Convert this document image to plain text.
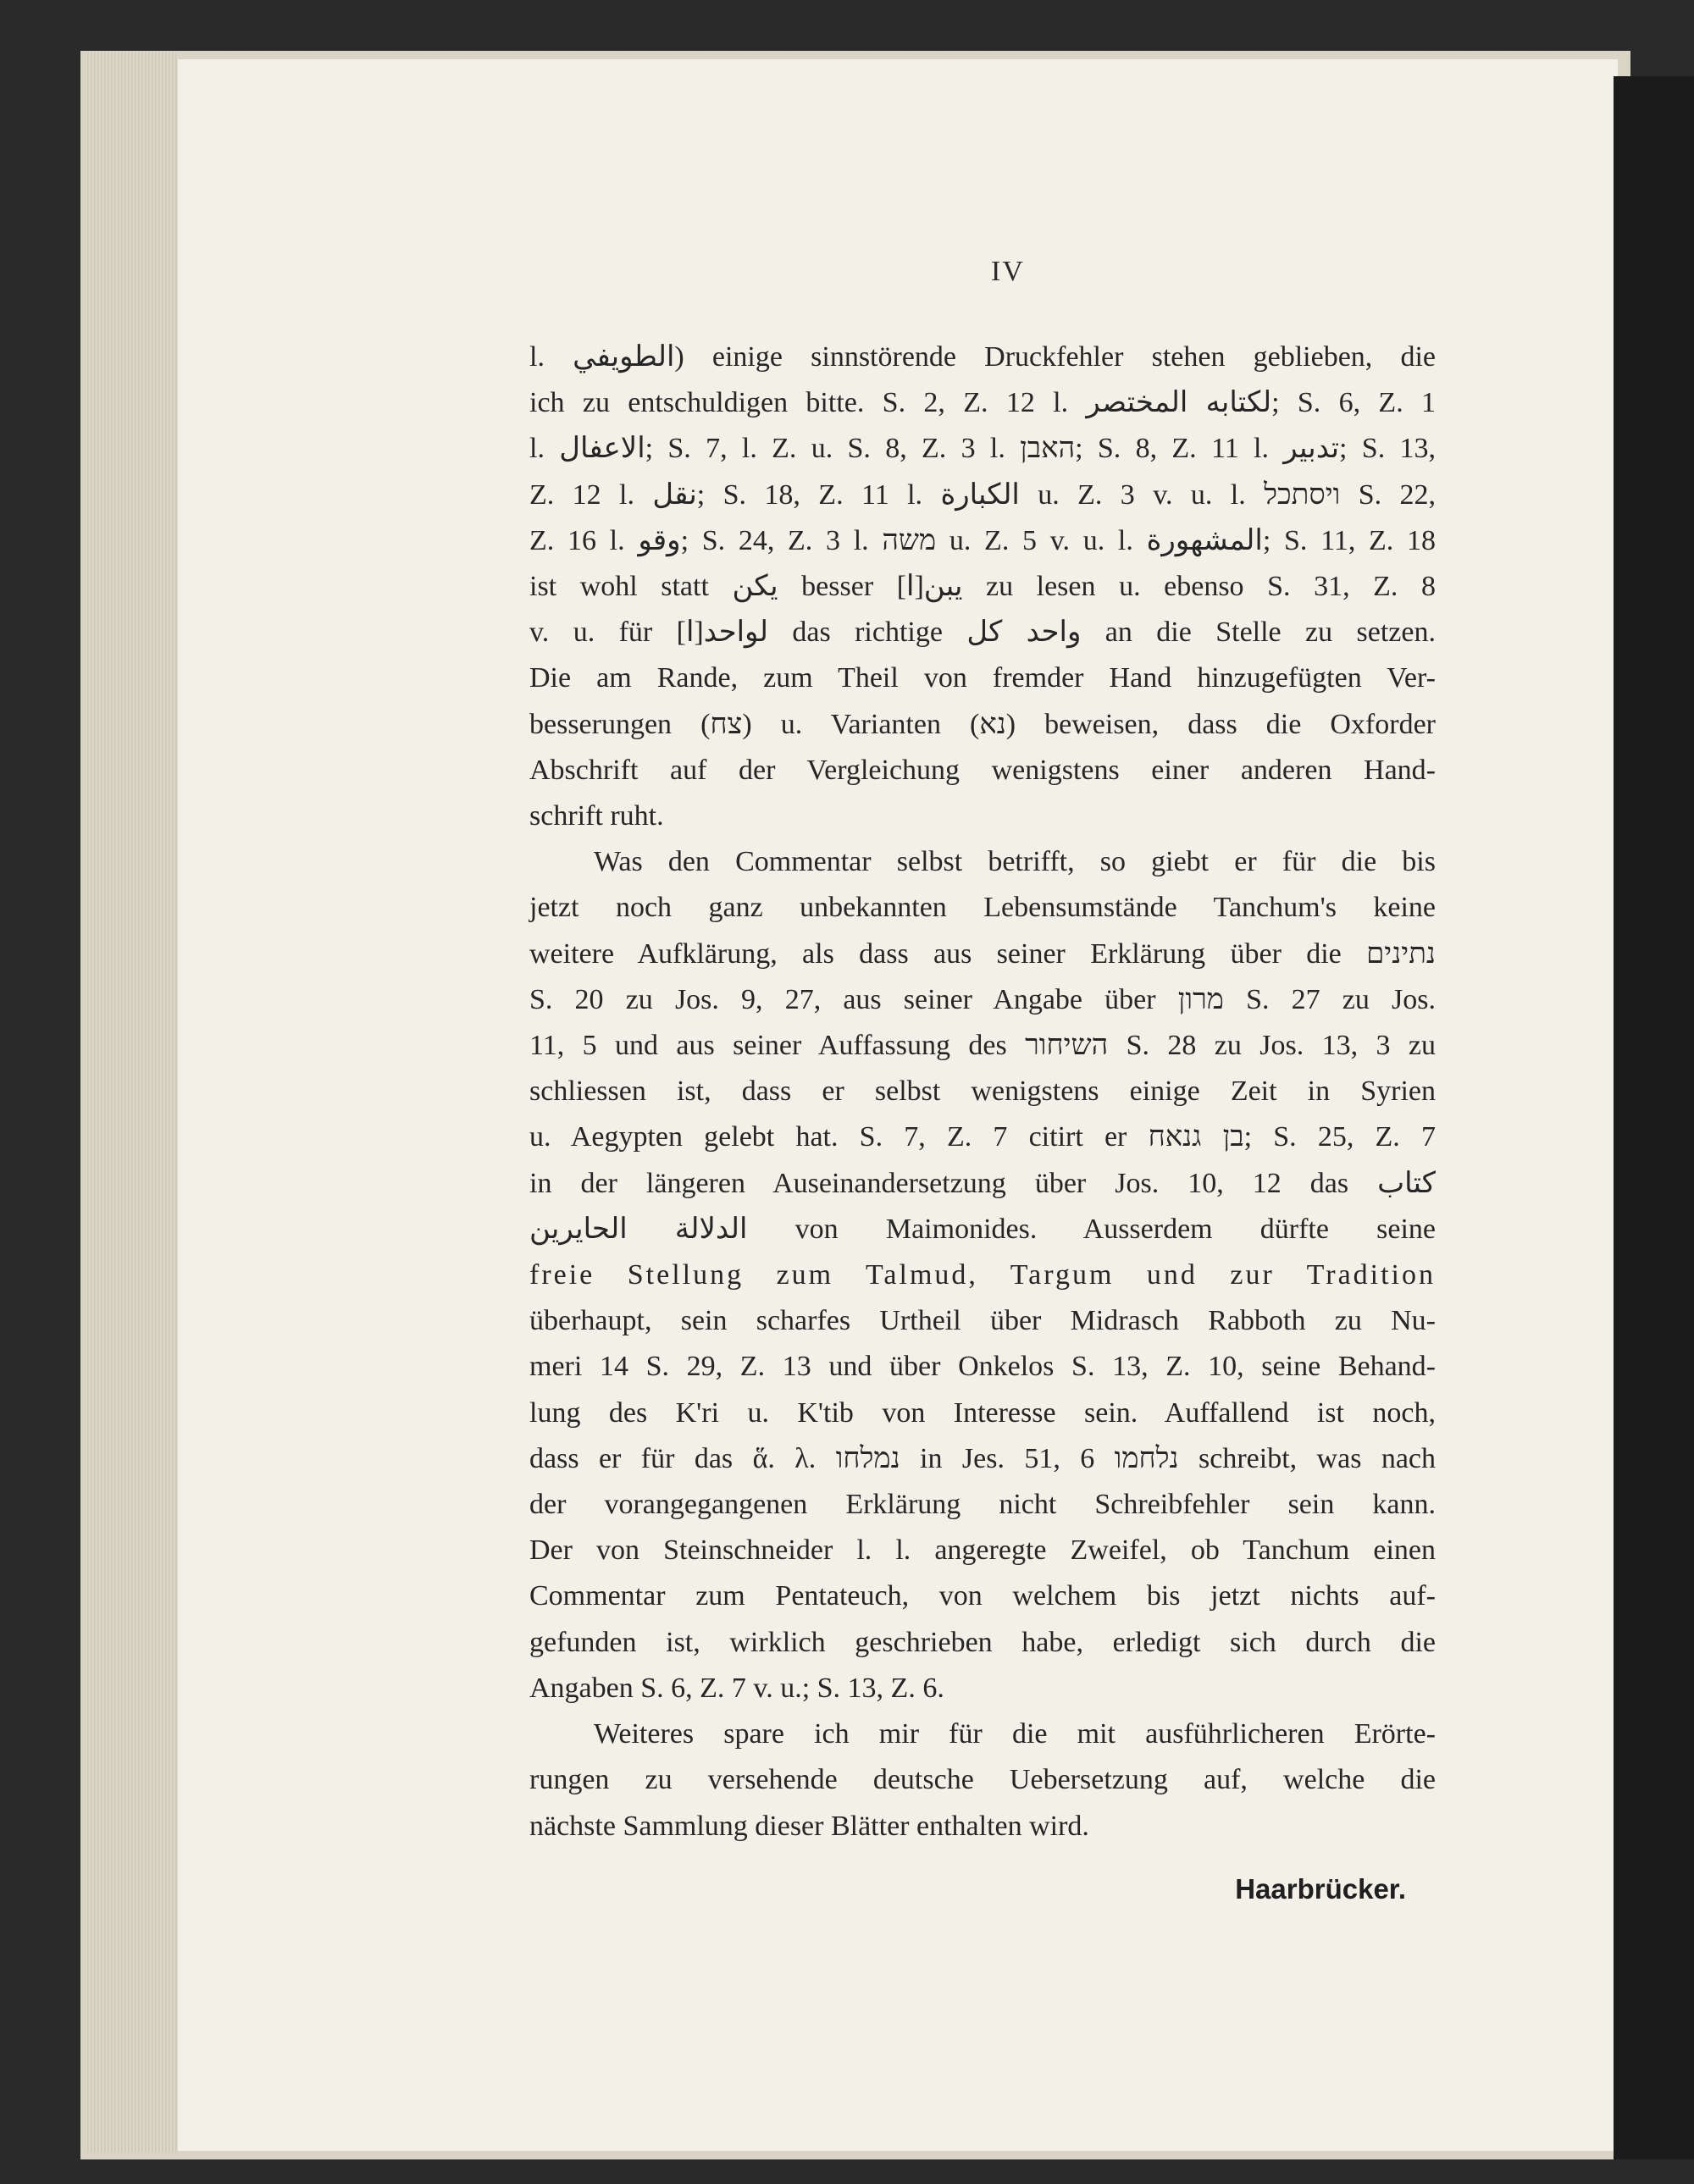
IV

l. الطويفي) einige sinnstörende Druckfehler stehen geblieben, die
ich zu entschuldigen bitte. S. 2, Z. 12 l. لكتابه المختصر; S. 6, Z. 1
l. الاعفال; S. 7, l. Z. u. S. 8, Z. 3 l. האבן; S. 8, Z. 11 l. تدبير; S. 13,
Z. 12 l. نقل; S. 18, Z. 11 l. الكبارة u. Z. 3 v. u. l. ויסתכל S. 22,
Z. 16 l. وقو; S. 24, Z. 3 l. משה u. Z. 5 v. u. l. المشهورة; S. 11, Z. 18
ist wohl statt يكن besser يبن[ا] zu lesen u. ebenso S. 31, Z. 8
v. u. für [ا]لواحد das richtige واحد كل an die Stelle zu setzen.
Die am Rande, zum Theil von fremder Hand hinzugefügten Ver-
besserungen (צח) u. Varianten (נא) beweisen, dass die Oxforder
Abschrift auf der Vergleichung wenigstens einer anderen Hand-
schrift ruht.

Was den Commentar selbst betrifft, so giebt er für die bis
jetzt noch ganz unbekannten Lebensumstände Tanchum's keine
weitere Aufklärung, als dass aus seiner Erklärung über die נתינים
S. 20 zu Jos. 9, 27, aus seiner Angabe über מרון S. 27 zu Jos.
11, 5 und aus seiner Auffassung des השיחור S. 28 zu Jos. 13, 3 zu
schliessen ist, dass er selbst wenigstens einige Zeit in Syrien
u. Aegypten gelebt hat. S. 7, Z. 7 citirt er בן גנאח; S. 25, Z. 7
in der längeren Auseinandersetzung über Jos. 10, 12 das كتاب
الدلالة الحايرين von Maimonides. Ausserdem dürfte seine
freie Stellung zum Talmud, Targum und zur Tradition
überhaupt, sein scharfes Urtheil über Midrasch Rabboth zu Nu-
meri 14 S. 29, Z. 13 und über Onkelos S. 13, Z. 10, seine Behand-
lung des K'ri u. K'tib von Interesse sein. Auffallend ist noch,
dass er für das ἅ. λ. נמלחו in Jes. 51, 6 נלחמו schreibt, was nach
der vorangegangenen Erklärung nicht Schreibfehler sein kann.
Der von Steinschneider l. l. angeregte Zweifel, ob Tanchum einen
Commentar zum Pentateuch, von welchem bis jetzt nichts auf-
gefunden ist, wirklich geschrieben habe, erledigt sich durch die
Angaben S. 6, Z. 7 v. u.; S. 13, Z. 6.

Weiteres spare ich mir für die mit ausführlicheren Erörte-
rungen zu versehende deutsche Uebersetzung auf, welche die
nächste Sammlung dieser Blätter enthalten wird.

Haarbrücker.
